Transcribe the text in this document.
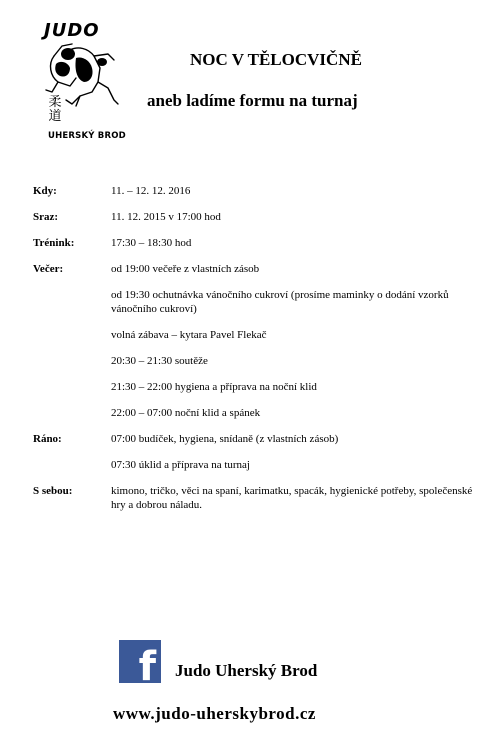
JUDO
柔道
UHERSKÝ BROD
NOC V TĚLOCVIČNĚ
aneb ladíme formu na turnaj
Kdy:	11. – 12. 12. 2016
Sraz:	11. 12. 2015 v 17:00 hod
Trénink:	17:30 – 18:30 hod
Večer:	od 19:00 večeře z vlastních zásob
od 19:30 ochutnávka vánočního cukroví (prosíme maminky o dodání vzorků vánočního cukroví)
volná zábava – kytara Pavel Flekač
20:30 – 21:30 soutěže
21:30 – 22:00 hygiena a příprava na noční klid
22:00 – 07:00 noční klid a spánek
Ráno:	07:00 budíček, hygiena, snídaně (z vlastních zásob)
07:30 úklid a příprava na turnaj
S sebou:	kimono, tričko, věci na spaní, karimatku, spacák, hygienické potřeby, společenské hry a dobrou náladu.
f Judo Uherský Brod
www.judo-uherskybrod.cz
